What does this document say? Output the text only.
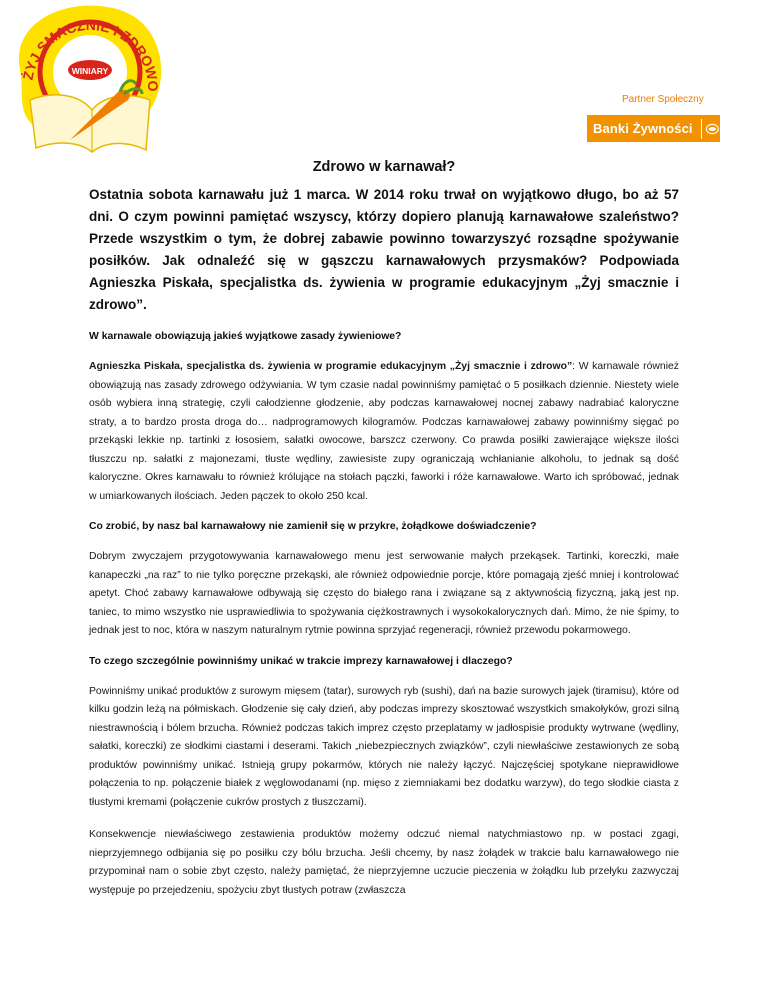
ŻYJ SMACZNIE I ZDROWO
WINIARY
Partner Społeczny
Banki Żywności
Zdrowo w karnawał?

Ostatnia sobota karnawału już 1 marca. W 2014 roku trwał on wyjątkowo długo, bo aż 57 dni. O czym powinni pamiętać wszyscy, którzy dopiero planują karnawałowe szaleństwo? Przede wszystkim o tym, że dobrej zabawie powinno towarzyszyć rozsądne spożywanie posiłków. Jak odnaleźć się w gąszczu karnawałowych przysmaków? Podpowiada Agnieszka Piskała, specjalistka ds. żywienia w programie edukacyjnym „Żyj smacznie i zdrowo”.

W karnawale obowiązują jakieś wyjątkowe zasady żywieniowe?

Agnieszka Piskała, specjalistka ds. żywienia w programie edukacyjnym „Żyj smacznie i zdrowo”: W karnawale również obowiązują nas zasady zdrowego odżywiania. W tym czasie nadal powinniśmy pamiętać o 5 posiłkach dziennie. Niestety wiele osób wybiera inną strategię, czyli całodzienne głodzenie, aby podczas karnawałowej nocnej zabawy nadrabiać kaloryczne straty, a to bardzo prosta droga do… nadprogramowych kilogramów. Podczas karnawałowej zabawy powinniśmy sięgać po przekąski lekkie np. tartinki z łososiem, sałatki owocowe, barszcz czerwony. Co prawda posiłki zawierające większe ilości tłuszczu np. sałatki z majonezami, tłuste wędliny, zawiesiste zupy ograniczają wchłanianie alkoholu, to jednak są dość kaloryczne. Okres karnawału to również królujące na stołach pączki, faworki i róże karnawałowe. Warto ich spróbować, jednak w umiarkowanych ilościach. Jeden pączek to około 250 kcal.

Co zrobić, by nasz bal karnawałowy nie zamienił się w przykre, żołądkowe doświadczenie?

Dobrym zwyczajem przygotowywania karnawałowego menu jest serwowanie małych przekąsek. Tartinki, koreczki, małe kanapeczki „na raz” to nie tylko poręczne przekąski, ale również odpowiednie porcje, które pomagają zjeść mniej i kontrolować apetyt. Choć zabawy karnawałowe odbywają się często do białego rana i związane są z aktywnością fizyczną, jaką jest np. taniec, to mimo wszystko nie usprawiedliwia to spożywania ciężkostrawnych i wysokokalorycznych dań. Mimo, że nie śpimy, to jednak jest to noc, która w naszym naturalnym rytmie powinna sprzyjać regeneracji, również przewodu pokarmowego.

To czego szczególnie powinniśmy unikać w trakcie imprezy karnawałowej i dlaczego?

Powinniśmy unikać produktów z surowym mięsem (tatar), surowych ryb (sushi), dań na bazie surowych jajek (tiramisu), które od kilku godzin leżą na półmiskach. Głodzenie się cały dzień, aby podczas imprezy skosztować wszystkich smakołyków, grozi silną niestrawnością i bólem brzucha. Również podczas takich imprez często przeplatamy w jadłospisie produkty wytrwane (wędliny, sałatki, koreczki) ze słodkimi ciastami i deserami. Takich „niebezpiecznych związków”, czyli niewłaściwe zestawionych ze sobą produktów powinniśmy unikać. Istnieją grupy pokarmów, których nie należy łączyć. Najczęściej spotykane nieprawidłowe połączenia to np. połączenie białek z węglowodanami (np. mięso z ziemniakami bez dodatku warzyw), do tego słodkie ciasta z tłustymi kremami (połączenie cukrów prostych z tłuszczami).

Konsekwencje niewłaściwego zestawienia produktów możemy odczuć niemal natychmiastowo np. w postaci zgagi, nieprzyjemnego odbijania się po posiłku czy bólu brzucha. Jeśli chcemy, by nasz żołądek w trakcie balu karnawałowego nie przypominał nam o sobie zbyt często, należy pamiętać, że nieprzyjemne uczucie pieczenia w żołądku lub przełyku zazwyczaj występuje po przejedzeniu, spożyciu zbyt tłustych potraw (zwłaszcza
